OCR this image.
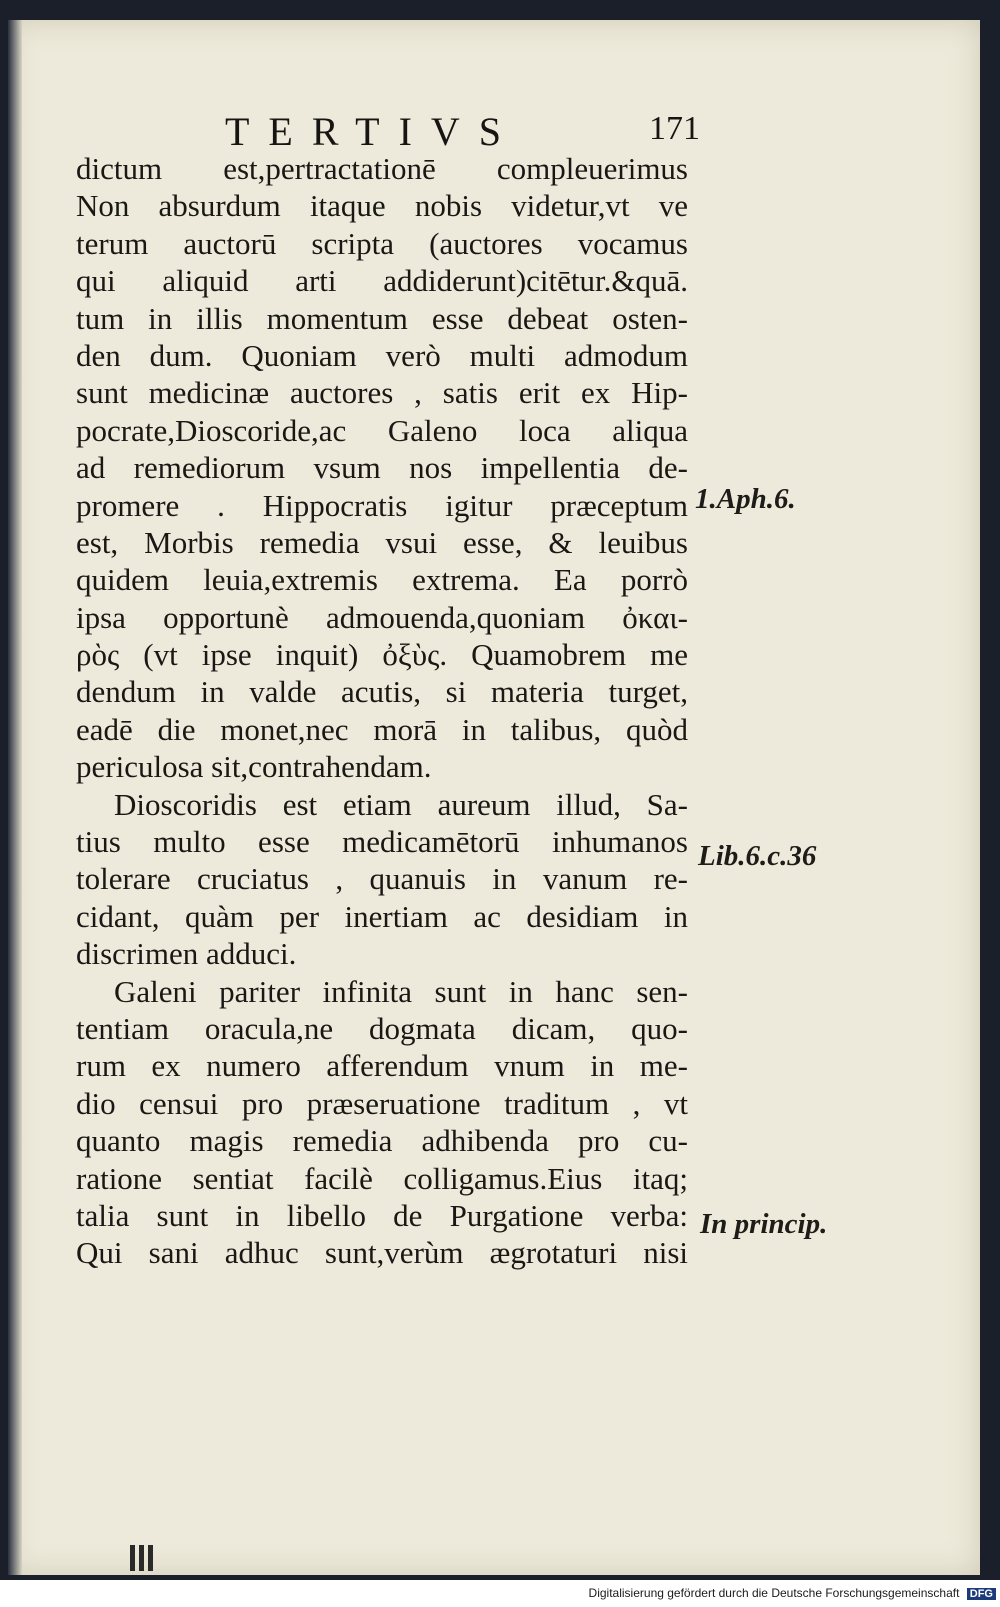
TERTIVS	171
dictum est,pertractationē compleuerimus
Non absurdum itaque nobis videtur,vt ve
terum auctorū scripta (auctores vocamus
qui aliquid arti addiderunt)citētur.&quā.
tum in illis momentum esse debeat osten-
den dum. Quoniam verò multi admodum
sunt medicinæ auctores , satis erit ex Hip-
pocrate,Dioscoride,ac Galeno loca aliqua
ad remediorum vsum nos impellentia de-
promere . Hippocratis igitur præceptum
est, Morbis remedia vsui esse, & leuibus
quidem leuia,extremis extrema. Ea porrò
ipsa opportunè admouenda,quoniam ὀκαι-
ρὸς (vt ipse inquit) ὀξὺς. Quamobrem me
dendum in valde acutis, si materia turget,
eadē die monet,nec morā in talibus, quòd
periculosa sit,contrahendam.
Dioscoridis est etiam aureum illud, Sa-
tius multo esse medicamētorū inhumanos
tolerare cruciatus , quanuis in vanum re-
cidant, quàm per inertiam ac desidiam in
discrimen adduci.
Galeni pariter infinita sunt in hanc sen-
tentiam oracula,ne dogmata dicam, quo-
rum ex numero afferendum vnum in me-
dio censui pro præseruatione traditum , vt
quanto magis remedia adhibenda pro cu-
ratione sentiat facilè colligamus.Eius itaq;
talia sunt in libello de Purgatione verba:
Qui sani adhuc sunt,verùm ægrotaturi nisi
1.Aph.6.
Lib.6.c.36
In princip.
Digitalisierung gefördert durch die Deutsche Forschungsgemeinschaft DFG
